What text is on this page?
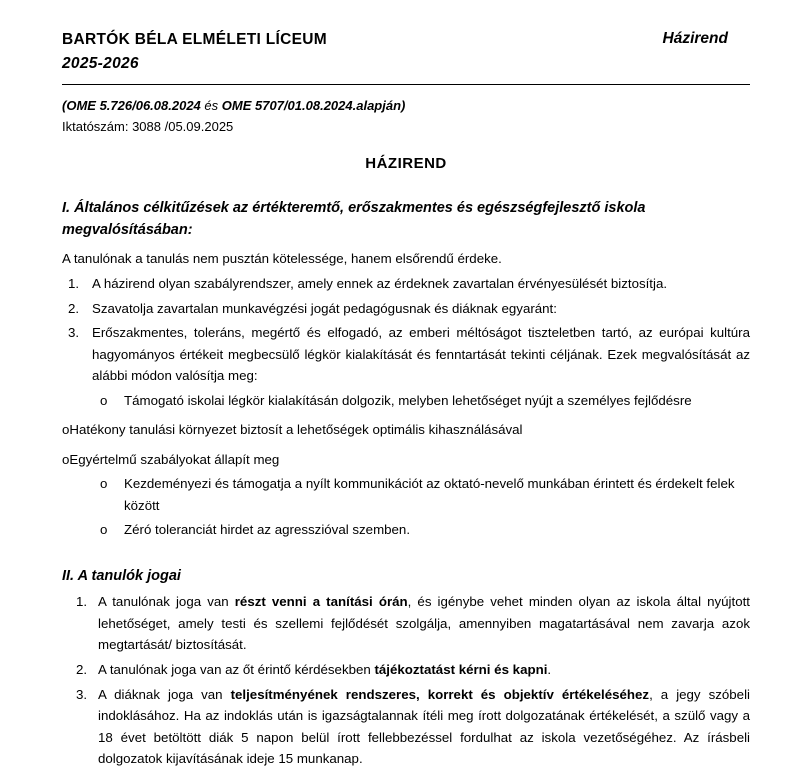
BARTÓK BÉLA ELMÉLETI LÍCEUM
2025-2026
Házirend
(OME 5.726/06.08.2024 és OME 5707/01.08.2024.alapján)
Iktatószám: 3088 /05.09.2025
HÁZIREND
I. Általános célkitűzések az értékteremtő, erőszakmentes és egészségfejlesztő iskola megvalósításában:
A tanulónak a tanulás nem pusztán kötelessége, hanem elsőrendű érdeke.
1. A házirend olyan szabályrendszer, amely ennek az érdeknek zavartalan érvényesülését biztosítja.
2. Szavatolja zavartalan munkavégzési jogát pedagógusnak és diáknak egyaránt:
3. Erőszakmentes, toleráns, megértő és elfogadó, az emberi méltóságot tiszteletben tartó, az európai kultúra hagyományos értékeit megbecsülő légkör kialakítását és fenntartását tekinti céljának. Ezek megvalósítását az alábbi módon valósítja meg:
o Támogató iskolai légkör kialakításán dolgozik, melyben lehetőséget nyújt a személyes fejlődésre
oHatékony tanulási környezet biztosít a lehetőségek optimális kihasználásával
oEgyértelmű szabályokat állapít meg
o Kezdeményezi és támogatja a nyílt kommunikációt az oktató-nevelő munkában érintett és érdekelt felek között
o Zéró toleranciát hirdet az agresszióval szemben.
II. A tanulók jogai
1. A tanulónak joga van részt venni a tanítási órán, és igénybe vehet minden olyan az iskola által nyújtott lehetőséget, amely testi és szellemi fejlődését szolgálja, amennyiben magatartásával nem zavarja azok megtartását/ biztosítását.
2. A tanulónak joga van az őt érintő kérdésekben tájékoztatást kérni és kapni.
3. A diáknak joga van teljesítményének rendszeres, korrekt és objektív értékeléséhez, a jegy szóbeli indoklásához. Ha az indoklás után is igazságtalannak ítéli meg írott dolgozatának értékelését, a szülő vagy a 18 évet betöltött diák 5 napon belül írott fellebbezéssel fordulhat az iskola vezetőségéhez. Az írásbeli dolgozatok kijavításának ideje 15 munkanap.
